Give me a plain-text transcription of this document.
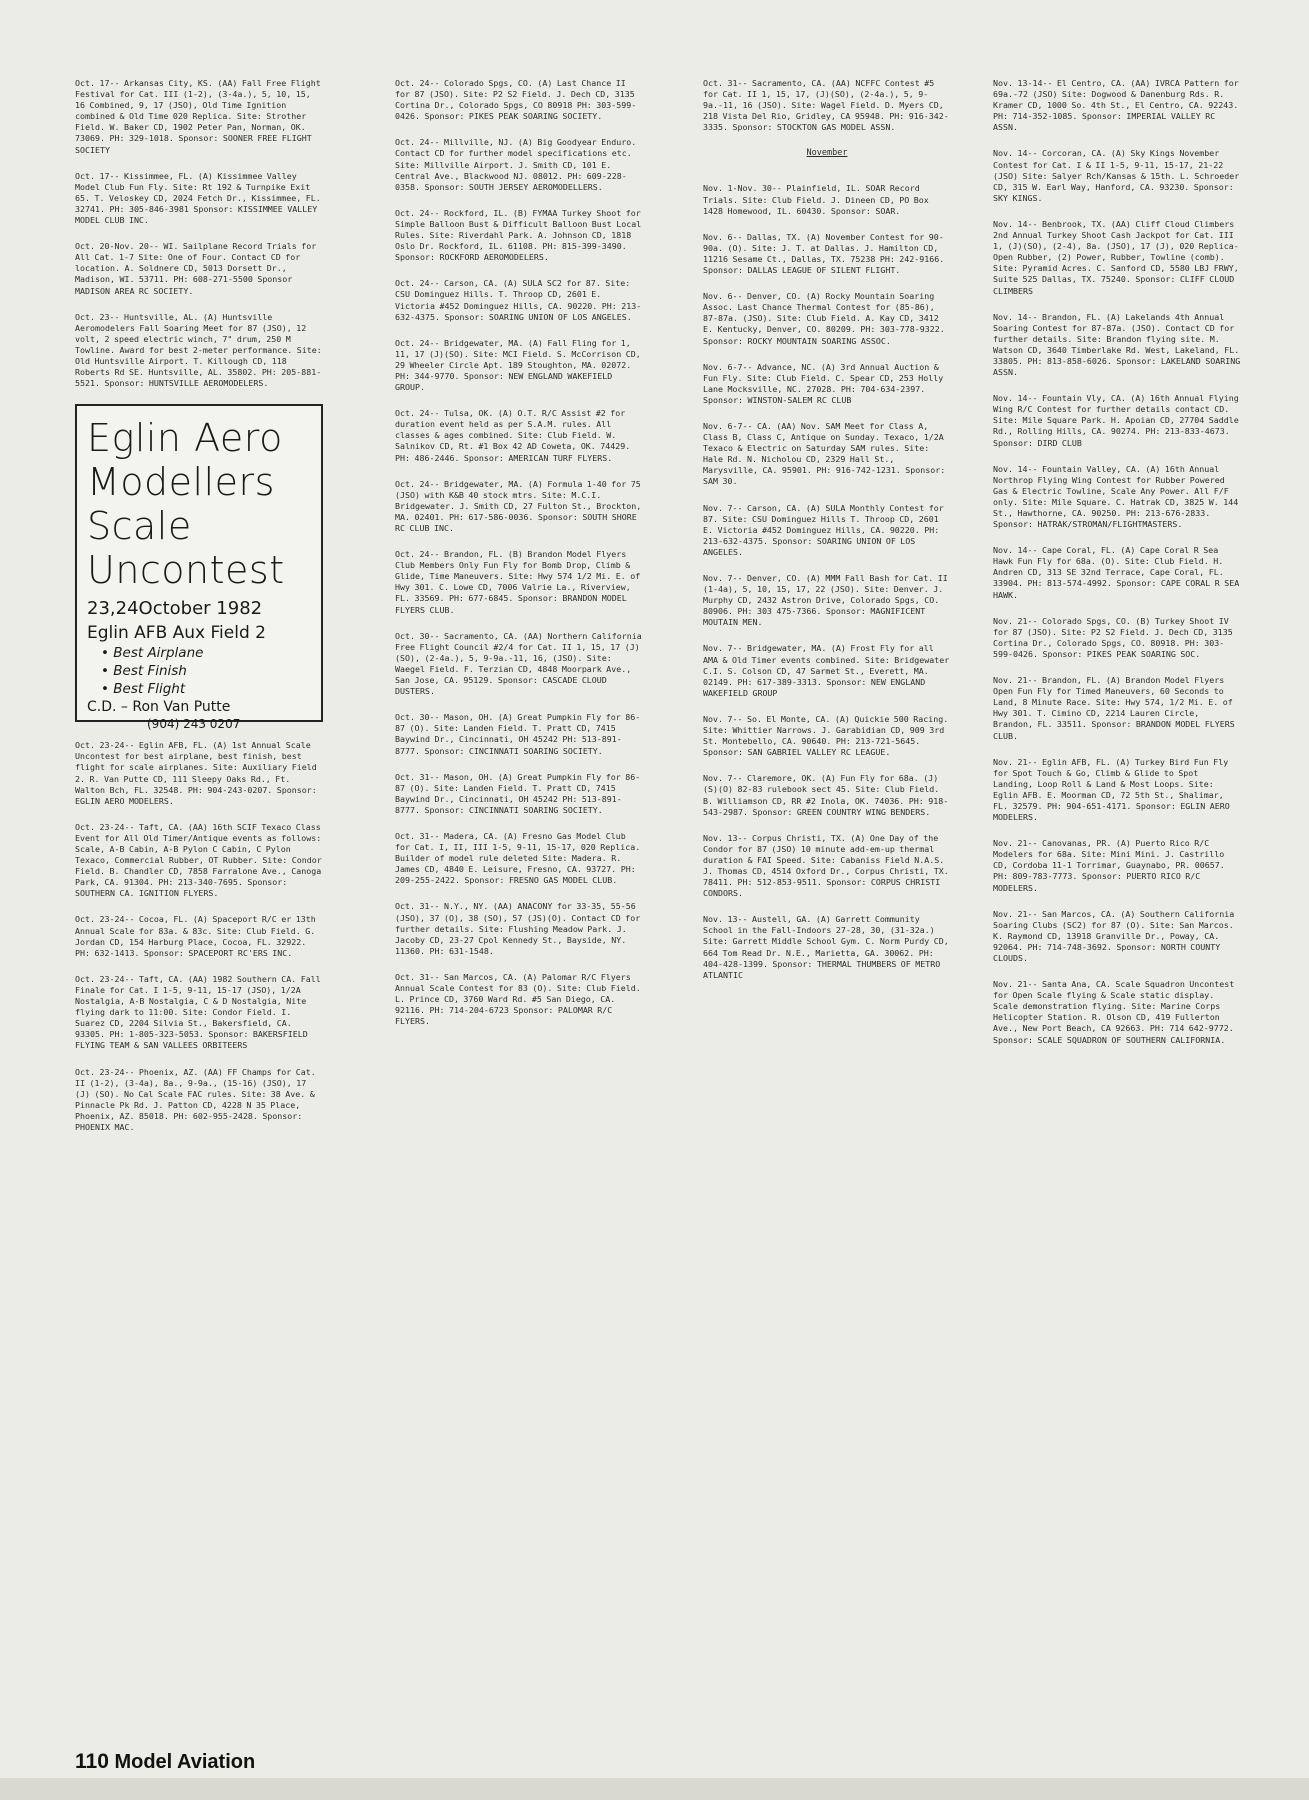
Oct. 17-- Arkansas City, KS. (AA) Fall Free Flight Festival for Cat. III (1-2), (3-4a.), 5, 10, 15, 16 Combined, 9, 17 (JSO), Old Time Ignition combined & Old Time 020 Replica. Site: Strother Field. W. Baker CD, 1902 Peter Pan, Norman, OK. 73069. PH: 329-1018. Sponsor: SOONER FREE FLIGHT SOCIETY
Oct. 17-- Kissimmee, FL. (A) Kissimmee Valley Model Club Fun Fly. Site: Rt 192 & Turnpike Exit 65. T. Veloskey CD, 2024 Fetch Dr., Kissimmee, FL. 32741. PH: 305-846-3981 Sponsor: KISSIMMEE VALLEY MODEL CLUB INC.
Oct. 20-Nov. 20-- WI. Sailplane Record Trials for All Cat. 1-7 Site: One of Four. Contact CD for location. A. Soldnere CD, 5013 Dorsett Dr., Madison, WI. 53711. PH: 608-271-5500 Sponsor MADISON AREA RC SOCIETY.
Oct. 23-- Huntsville, AL. (A) Huntsville Aeromodelers Fall Soaring Meet for 87 (JSO), 12 volt, 2 speed electric winch, 7" drum, 250 M Towline. Award for best 2-meter performance. Site: Old Huntsville Airport. T. Killough CD, 118 Roberts Rd SE. Huntsville, AL. 35802. PH: 205-881-5521. Sponsor: HUNTSVILLE AEROMODELERS.
Eglin Aero
Modellers
Scale
Uncontest
23,24October 1982
Eglin AFB Aux Field 2
• Best Airplane
• Best Finish
• Best Flight
C.D. – Ron Van Putte
(904) 243 0207
Oct. 23-24-- Eglin AFB, FL. (A) 1st Annual Scale Uncontest for best airplane, best finish, best flight for scale airplanes. Site: Auxiliary Field 2. R. Van Putte CD, 111 Sleepy Oaks Rd., Ft. Walton Bch, FL. 32548. PH: 904-243-0207. Sponsor: EGLIN AERO MODELERS.
Oct. 23-24-- Taft, CA. (AA) 16th SCIF Texaco Class Event for All Old Timer/Antique events as follows: Scale, A-B Cabin, A-B Pylon C Cabin, C Pylon Texaco, Commercial Rubber, OT Rubber. Site: Condor Field. B. Chandler CD, 7858 Farralone Ave., Canoga Park, CA. 91304. PH: 213-340-7695. Sponsor: SOUTHERN CA. IGNITION FLYERS.
Oct. 23-24-- Cocoa, FL. (A) Spaceport R/C er 13th Annual Scale for 83a. & 83c. Site: Club Field. G. Jordan CD, 154 Harburg Place, Cocoa, FL. 32922. PH: 632-1413. Sponsor: SPACEPORT RC'ERS INC.
Oct. 23-24-- Taft, CA. (AA) 1982 Southern CA. Fall Finale for Cat. I 1-5, 9-11, 15-17 (JSO), 1/2A Nostalgia, A-B Nostalgia, C & D Nostalgia, Nite flying dark to 11:00. Site: Condor Field. I. Suarez CD, 2204 Silvia St., Bakersfield, CA. 93305. PH: 1-805-323-5053. Sponsor: BAKERSFIELD FLYING TEAM & SAN VALLEES ORBITEERS
Oct. 23-24-- Phoenix, AZ. (AA) FF Champs for Cat. II (1-2), (3-4a), 8a., 9-9a., (15-16) (JSO), 17 (J) (SO). No Cal Scale FAC rules. Site: 38 Ave. & Pinnacle Pk Rd. J. Patton CD, 4228 N 35 Place, Phoenix, AZ. 85018. PH: 602-955-2428. Sponsor: PHOENIX MAC.
Oct. 24-- Colorado Spgs, CO. (A) Last Chance II for 87 (JSO). Site: P2 S2 Field. J. Dech CD, 3135 Cortina Dr., Colorado Spgs, CO 80918 PH: 303-599-0426. Sponsor: PIKES PEAK SOARING SOCIETY.
Oct. 24-- Millville, NJ. (A) Big Goodyear Enduro. Contact CD for further model specifications etc. Site: Millville Airport. J. Smith CD, 101 E. Central Ave., Blackwood NJ. 08012. PH: 609-228-0358. Sponsor: SOUTH JERSEY AEROMODELLERS.
Oct. 24-- Rockford, IL. (B) FYMAA Turkey Shoot for Simple Balloon Bust & Difficult Balloon Bust Local Rules. Site: Riverdahl Park. A. Johnson CD, 1818 Oslo Dr. Rockford, IL. 61108. PH: 815-399-3490. Sponsor: ROCKFORD AEROMODELERS.
Oct. 24-- Carson, CA. (A) SULA SC2 for 87. Site: CSU Dominguez Hills. T. Throop CD, 2601 E. Victoria #452 Dominguez Hills, CA. 90220. PH: 213-632-4375. Sponsor: SOARING UNION OF LOS ANGELES.
Oct. 24-- Bridgewater, MA. (A) Fall Fling for 1, 11, 17 (J)(SO). Site: MCI Field. S. McCorrison CD, 29 Wheeler Circle Apt. 189 Stoughton, MA. 02072. PH: 344-9770. Sponsor: NEW ENGLAND WAKEFIELD GROUP.
Oct. 24-- Tulsa, OK. (A) O.T. R/C Assist #2 for duration event held as per S.A.M. rules. All classes & ages combined. Site: Club Field. W. Salnikov CD, Rt. #1 Box 42 AD Coweta, OK. 74429. PH: 486-2446. Sponsor: AMERICAN TURF FLYERS.
Oct. 24-- Bridgewater, MA. (A) Formula 1-40 for 75 (JSO) with K&B 40 stock mtrs. Site: M.C.I. Bridgewater. J. Smith CD, 27 Fulton St., Brockton, MA. 02401. PH: 617-586-0036. Sponsor: SOUTH SHORE RC CLUB INC.
Oct. 24-- Brandon, FL. (B) Brandon Model Flyers Club Members Only Fun Fly for Bomb Drop, Climb & Glide, Time Maneuvers. Site: Hwy 574 1/2 Mi. E. of Hwy 301. C. Lowe CD, 7006 Valrie La., Riverview, FL. 33569. PH: 677-6845. Sponsor: BRANDON MODEL FLYERS CLUB.
Oct. 30-- Sacramento, CA. (AA) Northern California Free Flight Council #2/4 for Cat. II 1, 15, 17 (J)(SO), (2-4a.), 5, 9-9a.-11, 16, (JSO). Site: Waegel Field. F. Terzian CD, 4848 Moorpark Ave., San Jose, CA. 95129. Sponsor: CASCADE CLOUD DUSTERS.
Oct. 30-- Mason, OH. (A) Great Pumpkin Fly for 86-87 (O). Site: Landen Field. T. Pratt CD, 7415 Baywind Dr., Cincinnati, OH 45242 PH: 513-891-8777. Sponsor: CINCINNATI SOARING SOCIETY.
Oct. 31-- Mason, OH. (A) Great Pumpkin Fly for 86-87 (O). Site: Landen Field. T. Pratt CD, 7415 Baywind Dr., Cincinnati, OH 45242 PH: 513-891-8777. Sponsor: CINCINNATI SOARING SOCIETY.
Oct. 31-- Madera, CA. (A) Fresno Gas Model Club for Cat. I, II, III 1-5, 9-11, 15-17, 020 Replica. Builder of model rule deleted Site: Madera. R. James CD, 4840 E. Leisure, Fresno, CA. 93727. PH: 209-255-2422. Sponsor: FRESNO GAS MODEL CLUB.
Oct. 31-- N.Y., NY. (AA) ANACONY for 33-35, 55-56 (JSO), 37 (O), 38 (SO), 57 (JS)(O). Contact CD for further details. Site: Flushing Meadow Park. J. Jacoby CD, 23-27 Cpol Kennedy St., Bayside, NY. 11360. PH: 631-1548.
Oct. 31-- San Marcos, CA. (A) Palomar R/C Flyers Annual Scale Contest for 83 (O). Site: Club Field. L. Prince CD, 3760 Ward Rd. #5 San Diego, CA. 92116. PH: 714-204-6723 Sponsor: PALOMAR R/C FLYERS.
Oct. 31-- Sacramento, CA. (AA) NCFFC Contest #5 for Cat. II 1, 15, 17, (J)(SO), (2-4a.), 5, 9-9a.-11, 16 (JSO). Site: Wagel Field. D. Myers CD, 218 Vista Del Rio, Gridley, CA 95948. PH: 916-342-3335. Sponsor: STOCKTON GAS MODEL ASSN.
November
Nov. 1-Nov. 30-- Plainfield, IL. SOAR Record Trials. Site: Club Field. J. Dineen CD, PO Box 1428 Homewood, IL. 60430. Sponsor: SOAR.
Nov. 6-- Dallas, TX. (A) November Contest for 90-90a. (O). Site: J. T. at Dallas. J. Hamilton CD, 11216 Sesame Ct., Dallas, TX. 75238 PH: 242-9166. Sponsor: DALLAS LEAGUE OF SILENT FLIGHT.
Nov. 6-- Denver, CO. (A) Rocky Mountain Soaring Assoc. Last Chance Thermal Contest for (85-86), 87-87a. (JSO). Site: Club Field. A. Kay CD, 3412 E. Kentucky, Denver, CO. 80209. PH: 303-778-9322. Sponsor: ROCKY MOUNTAIN SOARING ASSOC.
Nov. 6-7-- Advance, NC. (A) 3rd Annual Auction & Fun Fly. Site: Club Field. C. Spear CD, 253 Holly Lane Mocksville, NC. 27028. PH: 704-634-2397. Sponsor: WINSTON-SALEM RC CLUB
Nov. 6-7-- CA. (AA) Nov. SAM Meet for Class A, Class B, Class C, Antique on Sunday. Texaco, 1/2A Texaco & Electric on Saturday SAM rules. Site: Hale Rd. N. Nicholou CD, 2329 Hall St., Marysville, CA. 95901. PH: 916-742-1231. Sponsor: SAM 30.
Nov. 7-- Carson, CA. (A) SULA Monthly Contest for 87. Site: CSU Dominguez Hills T. Throop CD, 2601 E. Victoria #452 Dominguez Hills, CA. 90220. PH: 213-632-4375. Sponsor: SOARING UNION OF LOS ANGELES.
Nov. 7-- Denver, CO. (A) MMM Fall Bash for Cat. II (1-4a), 5, 10, 15, 17, 22 (JSO). Site: Denver. J. Murphy CD, 2432 Astron Drive, Colorado Spgs, CO. 80906. PH: 303 475-7366. Sponsor: MAGNIFICENT MOUTAIN MEN.
Nov. 7-- Bridgewater, MA. (A) Frost Fly for all AMA & Old Timer events combined. Site: Bridgewater C.I. S. Colson CD, 47 Sarmet St., Everett, MA. 02149. PH: 617-389-3313. Sponsor: NEW ENGLAND WAKEFIELD GROUP
Nov. 7-- So. El Monte, CA. (A) Quickie 500 Racing. Site: Whittier Narrows. J. Garabidian CD, 909 3rd St. Montebello, CA. 90640. PH: 213-721-5645. Sponsor: SAN GABRIEL VALLEY RC LEAGUE.
Nov. 7-- Claremore, OK. (A) Fun Fly for 68a. (J)(S)(O) 82-83 rulebook sect 45. Site: Club Field. B. Williamson CD, RR #2 Inola, OK. 74036. PH: 918-543-2987. Sponsor: GREEN COUNTRY WING BENDERS.
Nov. 13-- Corpus Christi, TX. (A) One Day of the Condor for 87 (JSO) 10 minute add-em-up thermal duration & FAI Speed. Site: Cabaniss Field N.A.S. J. Thomas CD, 4514 Oxford Dr., Corpus Christi, TX. 78411. PH: 512-853-9511. Sponsor: CORPUS CHRISTI CONDORS.
Nov. 13-- Austell, GA. (A) Garrett Community School in the Fall-Indoors 27-28, 30, (31-32a.) Site: Garrett Middle School Gym. C. Norm Purdy CD, 664 Tom Read Dr. N.E., Marietta, GA. 30062. PH: 404-428-1399. Sponsor: THERMAL THUMBERS OF METRO ATLANTIC
Nov. 13-14-- El Centro, CA. (AA) IVRCA Pattern for 69a.-72 (JSO) Site: Dogwood & Danenburg Rds. R. Kramer CD, 1000 So. 4th St., El Centro, CA. 92243. PH: 714-352-1085. Sponsor: IMPERIAL VALLEY RC ASSN.
Nov. 14-- Corcoran, CA. (A) Sky Kings November Contest for Cat. I & II 1-5, 9-11, 15-17, 21-22 (JSO) Site: Salyer Rch/Kansas & 15th. L. Schroeder CD, 315 W. Earl Way, Hanford, CA. 93230. Sponsor: SKY KINGS.
Nov. 14-- Benbrook, TX. (AA) Cliff Cloud Climbers 2nd Annual Turkey Shoot Cash Jackpot for Cat. III 1, (J)(SO), (2-4), 8a. (JSO), 17 (J), 020 Replica-Open Rubber, (2) Power, Rubber, Towline (comb). Site: Pyramid Acres. C. Sanford CD, 5580 LBJ FRWY, Suite 525 Dallas, TX. 75240. Sponsor: CLIFF CLOUD CLIMBERS
Nov. 14-- Brandon, FL. (A) Lakelands 4th Annual Soaring Contest for 87-87a. (JSO). Contact CD for further details. Site: Brandon flying site. M. Watson CD, 3640 Timberlake Rd. West, Lakeland, FL. 33805. PH: 813-858-6026. Sponsor: LAKELAND SOARING ASSN.
Nov. 14-- Fountain Vly, CA. (A) 16th Annual Flying Wing R/C Contest for further details contact CD. Site: Mile Square Park. H. Apoian CD, 27704 Saddle Rd., Rolling Hills, CA. 90274. PH: 213-833-4673. Sponsor: DIRD CLUB
Nov. 14-- Fountain Valley, CA. (A) 16th Annual Northrop Flying Wing Contest for Rubber Powered Gas & Electric Towline, Scale Any Power. All F/F only. Site: Mile Square. C. Hatrak CD, 3825 W. 144 St., Hawthorne, CA. 90250. PH: 213-676-2833. Sponsor: HATRAK/STROMAN/FLIGHTMASTERS.
Nov. 14-- Cape Coral, FL. (A) Cape Coral R Sea Hawk Fun Fly for 68a. (O). Site: Club Field. H. Andren CD, 313 SE 32nd Terrace, Cape Coral, FL. 33904. PH: 813-574-4992. Sponsor: CAPE CORAL R SEA HAWK.
Nov. 21-- Colorado Spgs, CO. (B) Turkey Shoot IV for 87 (JSO). Site: P2 S2 Field. J. Dech CD, 3135 Cortina Dr., Colorado Spgs, CO. 80918. PH: 303-599-0426. Sponsor: PIKES PEAK SOARING SOC.
Nov. 21-- Brandon, FL. (A) Brandon Model Flyers Open Fun Fly for Timed Maneuvers, 60 Seconds to Land, 8 Minute Race. Site: Hwy 574, 1/2 Mi. E. of Hwy 301. T. Cimino CD, 2214 Lauren Circle, Brandon, FL. 33511. Sponsor: BRANDON MODEL FLYERS CLUB.
Nov. 21-- Eglin AFB, FL. (A) Turkey Bird Fun Fly for Spot Touch & Go, Climb & Glide to Spot Landing, Loop Roll & Land & Most Loops. Site: Eglin AFB. E. Moorman CD, 72 5th St., Shalimar, FL. 32579. PH: 904-651-4171. Sponsor: EGLIN AERO MODELERS.
Nov. 21-- Canovanas, PR. (A) Puerto Rico R/C Modelers for 68a. Site: Mini Mini. J. Castrillo CD, Cordoba 11-1 Torrimar, Guaynabo, PR. 00657. PH: 809-783-7773. Sponsor: PUERTO RICO R/C MODELERS.
Nov. 21-- San Marcos, CA. (A) Southern California Soaring Clubs (SC2) for 87 (O). Site: San Marcos. K. Raymond CD, 13918 Granville Dr., Poway, CA. 92064. PH: 714-748-3692. Sponsor: NORTH COUNTY CLOUDS.
Nov. 21-- Santa Ana, CA. Scale Squadron Uncontest for Open Scale flying & Scale static display. Scale demonstration flying. Site: Marine Corps Helicopter Station. R. Olson CD, 419 Fullerton Ave., New Port Beach, CA 92663. PH: 714 642-9772. Sponsor: SCALE SQUADRON OF SOUTHERN CALIFORNIA.
110 Model Aviation
